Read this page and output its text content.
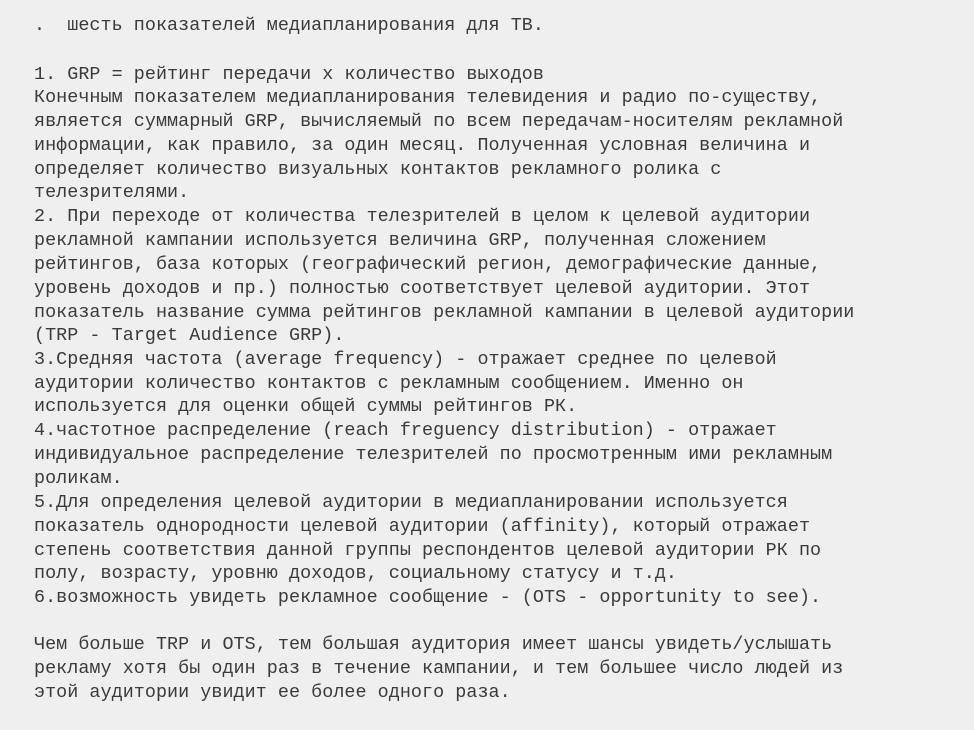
.  шесть показателей медиапланирования для ТВ.
1. GRP = рейтинг передачи х количество выходов
Конечным показателем медиапланирования телевидения и радио по-существу,
является суммарный GRP, вычисляемый по всем передачам-носителям рекламной
информации, как правило, за один месяц. Полученная условная величина и
определяет количество визуальных контактов рекламного ролика с
телезрителями.
2. При переходе от количества телезрителей в целом к целевой аудитории
рекламной кампании используется величина GRP, полученная сложением
рейтингов, база которых (географический регион, демографические данные,
уровень доходов и пр.) полностью соответствует целевой аудитории. Этот
показатель название сумма рейтингов рекламной кампании в целевой аудитории
(TRP - Target Audience GRP).
3.Средняя частота (average frequency) - отражает среднее по целевой
аудитории количество контактов с рекламным сообщением. Именно он
используется для оценки общей суммы рейтингов РК.
4.частотное распределение (reach freguency distribution) - отражает
индивидуальное распределение телезрителей по просмотренным ими рекламным
роликам.
5.Для определения целевой аудитории в медиапланировании используется
показатель однородности целевой аудитории (affinity), который отражает
степень соответствия данной группы респондентов целевой аудитории РК по
полу, возрасту, уровню доходов, социальному статусу и т.д.
6.возможность увидеть рекламное сообщение - (OTS - opportunity to see).
Чем больше TRP и OTS, тем большая аудитория имеет шансы увидеть/услышать
рекламу хотя бы один раз в течение кампании, и тем большее число людей из
этой аудитории увидит ее более одного раза.
